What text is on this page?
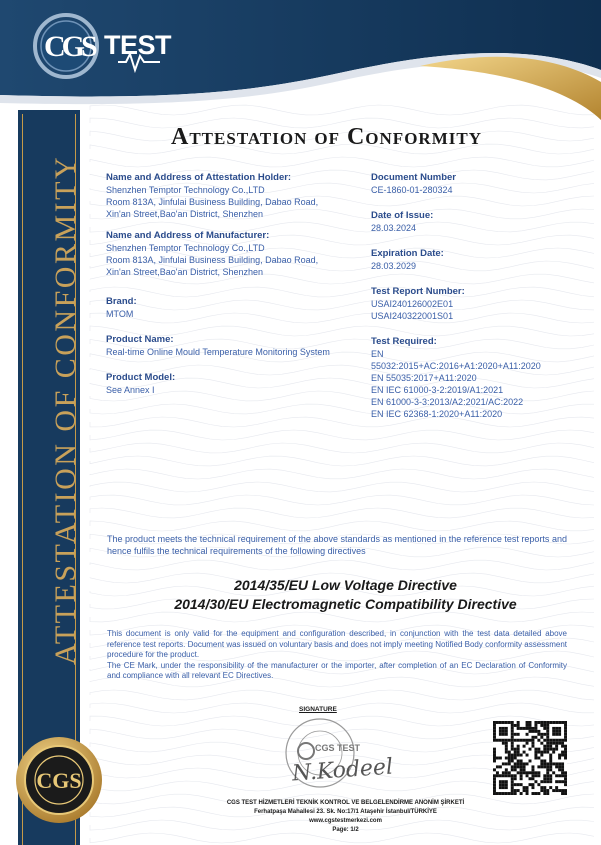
CGS TEST
ATTESTATION OF CONFORMITY
Attestation of Conformity
Name and Address of Attestation Holder:
Shenzhen Temptor Technology Co.,LTD
Room 813A, Jinfulai Business Building, Dabao Road,
Xin'an Street,Bao'an District, Shenzhen
Name and Address of Manufacturer:
Shenzhen Temptor Technology Co.,LTD
Room 813A, Jinfulai Business Building, Dabao Road,
Xin'an Street,Bao'an District, Shenzhen
Brand:
MTOM
Product Name:
Real-time Online Mould Temperature Monitoring System
Product Model:
See Annex I
Document Number
CE-1860-01-280324
Date of Issue:
28.03.2024
Expiration Date:
28.03.2029
Test Report Number:
USAI240126002E01
USAI240322001S01
Test Required:
EN
55032:2015+AC:2016+A1:2020+A11:2020
EN 55035:2017+A11:2020
EN IEC 61000-3-2:2019/A1:2021
EN 61000-3-3:2013/A2:2021/AC:2022
EN IEC 62368-1:2020+A11:2020
The product meets the technical requirement of the above standards as mentioned in the reference test reports and hence fulfils the technical requirements of the following directives
2014/35/EU Low Voltage Directive
2014/30/EU Electromagnetic Compatibility Directive
This document is only valid for the equipment and configuration described, in conjunction with the test data detailed above reference test reports. Document was issued on voluntary basis and does not imply meeting Notified Body conformity assessment procedure for the product.
The CE Mark, under the responsibility of the manufacturer or the importer, after completion of an EC Declaration of Conformity and compliance with all relevant EC Directives.
SIGNATURE
CGS TEST
N.Kodeel
CGS
CGS TEST HİZMETLERİ TEKNİK KONTROL VE BELGELENDİRME ANONİM ŞİRKETİ
Ferhatpaşa Mahallesi 23. Sk. No:17/1 Ataşehir İstanbul/TÜRKİYE
www.cgstestmerkezi.com
Page: 1/2
